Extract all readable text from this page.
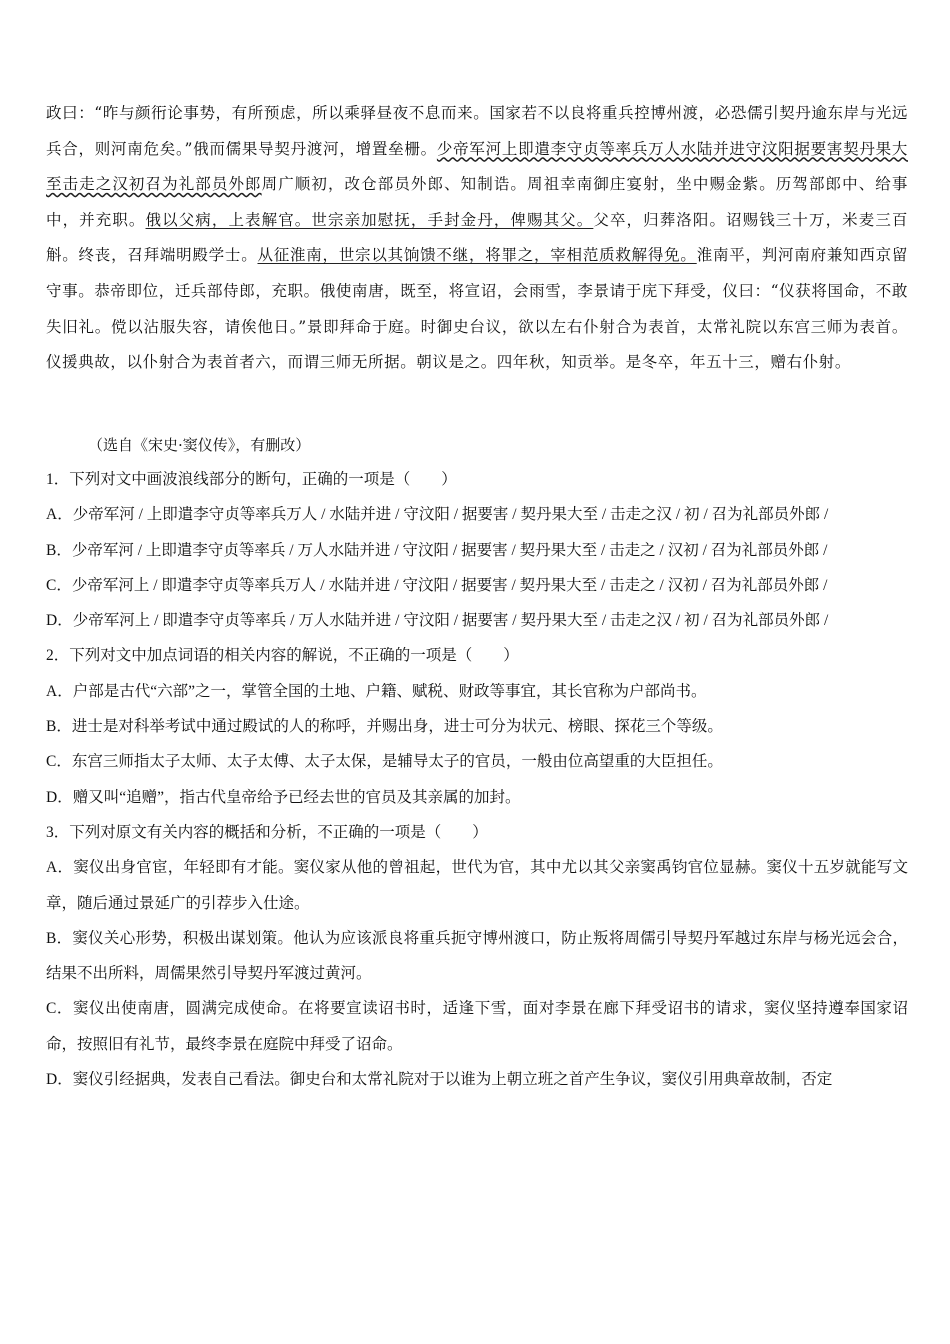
政曰：“昨与颜衎论事势，有所预虑，所以乘驿昼夜不息而来。国家若不以良将重兵控博州渡，必恐儒引契丹逾东岸与光远兵合，则河南危矣。”俄而儒果导契丹渡河，增置垒栅。少帝军河上即遣李守贞等率兵万人水陆并进守汶阳据要害契丹果大至击走之汉初召为礼部员外郎周广顺初，改仓部员外郎、知制诰。周祖幸南御庄宴射，坐中赐金紫。历驾部郎中、给事中，并充职。俄以父病，上表解官。世宗亲加慰抚，手封金丹，俾赐其父。父卒，归葬洛阳。诏赐钱三十万，米麦三百斛。终丧，召拜端明殿学士。从征淮南，世宗以其饷馈不继，将罪之，宰相范质救解得免。淮南平，判河南府兼知西京留守事。恭帝即位，迁兵部侍郎，充职。俄使南唐，既至，将宣诏，会雨雪，李景请于庑下拜受，仪曰：“仪获将国命，不敢失旧礼。傥以沾服失容，请俟他日。”景即拜命于庭。时御史台议，欲以左右仆射合为表首，太常礼院以东宫三师为表首。仪援典故，以仆射合为表首者六，而谓三师无所据。朝议是之。四年秋，知贡举。是冬卒，年五十三，赠右仆射。
（选自《宋史·窦仪传》，有删改）

1．下列对文中画波浪线部分的断句，正确的一项是（　　）

A．少帝军河 / 上即遣李守贞等率兵万人 / 水陆并进 / 守汶阳 / 据要害 / 契丹果大至 / 击走之汉 / 初 / 召为礼部员外郎 /

B．少帝军河 / 上即遣李守贞等率兵 / 万人水陆并进 / 守汶阳 / 据要害 / 契丹果大至 / 击走之 / 汉初 / 召为礼部员外郎 /

C．少帝军河上 / 即遣李守贞等率兵万人 / 水陆并进 / 守汶阳 / 据要害 / 契丹果大至 / 击走之 / 汉初 / 召为礼部员外郎 /

D．少帝军河上 / 即遣李守贞等率兵 / 万人水陆并进 / 守汶阳 / 据要害 / 契丹果大至 / 击走之汉 / 初 / 召为礼部员外郎 /

2．下列对文中加点词语的相关内容的解说，不正确的一项是（　　）

A．户部是古代“六部”之一，掌管全国的土地、户籍、赋税、财政等事宜，其长官称为户部尚书。

B．进士是对科举考试中通过殿试的人的称呼，并赐出身，进士可分为状元、榜眼、探花三个等级。

C．东宫三师指太子太师、太子太傅、太子太保，是辅导太子的官员，一般由位高望重的大臣担任。

D．赠又叫“追赠”，指古代皇帝给予已经去世的官员及其亲属的加封。

3．下列对原文有关内容的概括和分析，不正确的一项是（　　）

A．窦仪出身官宦，年轻即有才能。窦仪家从他的曾祖起，世代为官，其中尤以其父亲窦禹钧官位显赫。窦仪十五岁就能写文章，随后通过景延广的引荐步入仕途。

B．窦仪关心形势，积极出谋划策。他认为应该派良将重兵扼守博州渡口，防止叛将周儒引导契丹军越过东岸与杨光远会合，结果不出所料，周儒果然引导契丹军渡过黄河。

C．窦仪出使南唐，圆满完成使命。在将要宣读诏书时，适逢下雪，面对李景在廊下拜受诏书的请求，窦仪坚持遵奉国家诏命，按照旧有礼节，最终李景在庭院中拜受了诏命。

D．窦仪引经据典，发表自己看法。御史台和太常礼院对于以谁为上朝立班之首产生争议，窦仪引用典章故制，否定
